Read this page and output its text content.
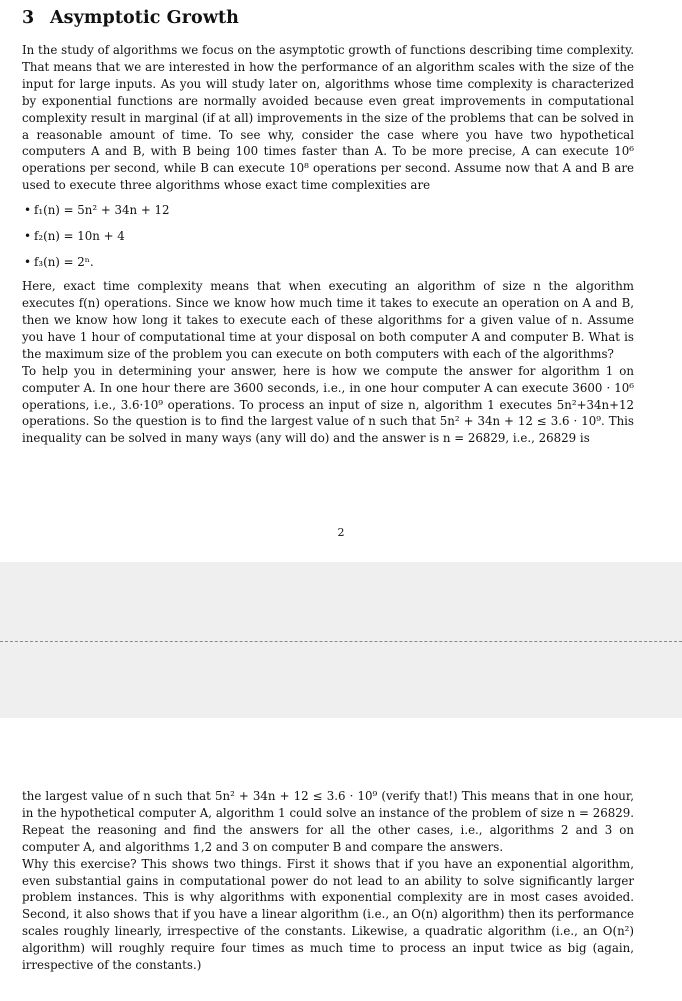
3 Asymptotic Growth

In the study of algorithms we focus on the asymptotic growth of functions describing time complexity. That means that we are interested in how the performance of an algorithm scales with the size of the input for large inputs. As you will study later on, algorithms whose time complexity is characterized by exponential functions are normally avoided because even great improvements in computational complexity result in marginal (if at all) improvements in the size of the problems that can be solved in a reasonable amount of time. To see why, consider the case where you have two hypothetical computers A and B, with B being 100 times faster than A. To be more precise, A can execute 10⁶ operations per second, while B can execute 10⁸ operations per second. Assume now that A and B are used to execute three algorithms whose exact time complexities are

• f₁(n) = 5n² + 34n + 12
• f₂(n) = 10n + 4
• f₃(n) = 2ⁿ.

Here, exact time complexity means that when executing an algorithm of size n the algorithm executes f(n) operations. Since we know how much time it takes to execute an operation on A and B, then we know how long it takes to execute each of these algorithms for a given value of n. Assume you have 1 hour of computational time at your disposal on both computer A and computer B. What is the maximum size of the problem you can execute on both computers with each of the algorithms?

To help you in determining your answer, here is how we compute the answer for algorithm 1 on computer A. In one hour there are 3600 seconds, i.e., in one hour computer A can execute 3600 · 10⁶ operations, i.e., 3.6·10⁹ operations. To process an input of size n, algorithm 1 executes 5n²+34n+12 operations. So the question is to find the largest value of n such that 5n² + 34n + 12 ≤ 3.6 · 10⁹. This inequality can be solved in many ways (any will do) and the answer is n = 26829, i.e., 26829 is

2

the largest value of n such that 5n² + 34n + 12 ≤ 3.6 · 10⁹ (verify that!) This means that in one hour, in the hypothetical computer A, algorithm 1 could solve an instance of the problem of size n = 26829. Repeat the reasoning and find the answers for all the other cases, i.e., algorithms 2 and 3 on computer A, and algorithms 1,2 and 3 on computer B and compare the answers.

Why this exercise? This shows two things. First it shows that if you have an exponential algorithm, even substantial gains in computational power do not lead to an ability to solve significantly larger problem instances. This is why algorithms with exponential complexity are in most cases avoided. Second, it also shows that if you have a linear algorithm (i.e., an O(n) algorithm) then its performance scales roughly linearly, irrespective of the constants. Likewise, a quadratic algorithm (i.e., an O(n²) algorithm) will roughly require four times as much time to process an input twice as big (again, irrespective of the constants.)
